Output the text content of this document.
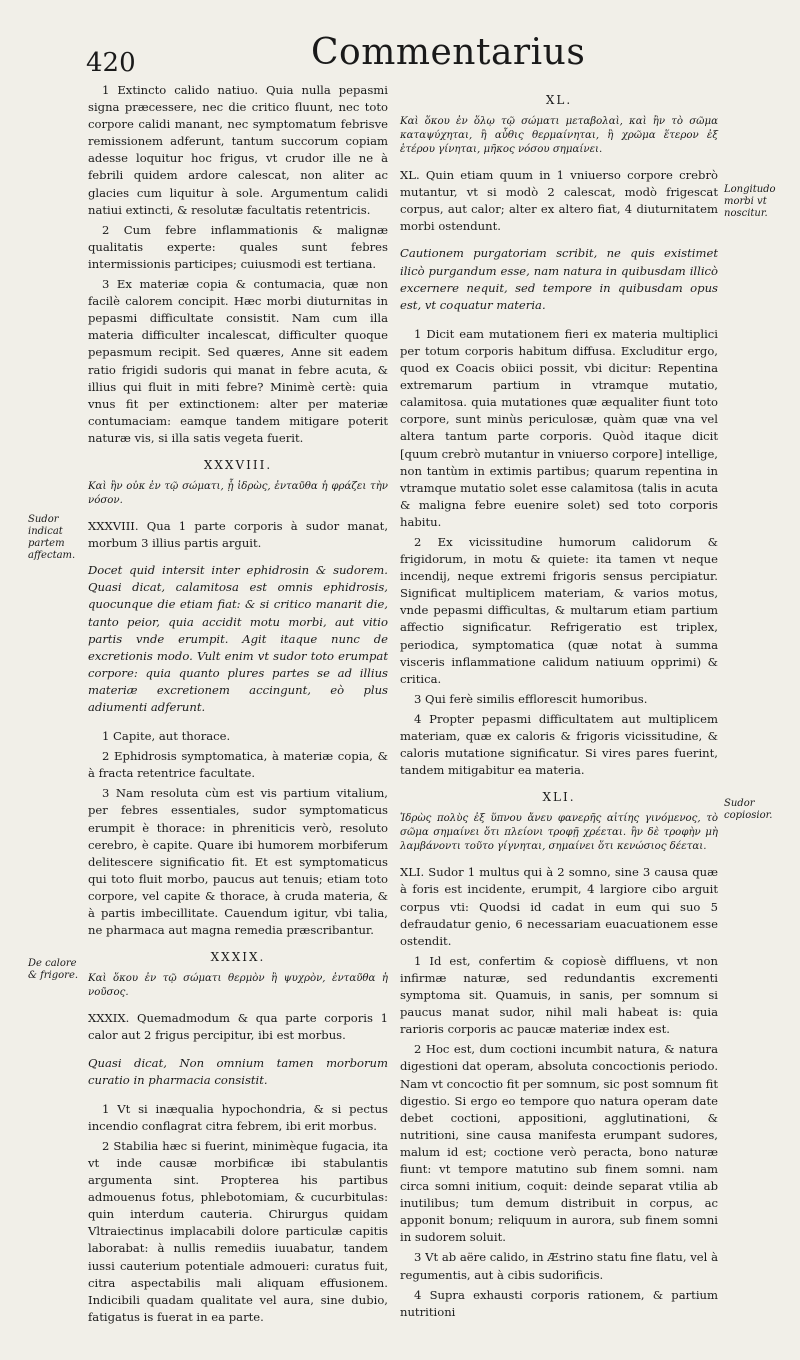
420	Commentarius

1 Extincto calido natiuo. Quia nulla pepasmi signa præcessere, nec die critico fluunt, nec toto corpore calidi manant, nec symptomatum febrisve remissionem adferunt, tantum succorum copiam adesse loquitur hoc frigus, vt crudor ille ne à febrili quidem ardore calescat, non aliter ac glacies cum liquitur à sole. Argumentum calidi natiui extincti, & resolutæ facultatis retentricis.

2 Cum febre inflammationis & malignæ qualitatis experte: quales sunt febres intermissionis participes; cuiusmodi est tertiana.

3 Ex materiæ copia & contumacia, quæ non facilè calorem concipit. Hæc morbi diuturnitas in pepasmi difficultate consistit. Nam cum illa materia difficulter incalescat, difficulter quoque pepasmum recipit. Sed quæres, Anne sit eadem ratio frigidi sudoris qui manat in febre acuta, & illius qui fluit in miti febre? Minimè certè: quia vnus fit per extinctionem: alter per materiæ contumaciam: eamque tandem mitigare poterit naturæ vis, si illa satis vegeta fuerit.

XXXVIII.

Καὶ ἢν οὐκ ἐν τῷ σώματι, ᾗ ἱδρὼς, ἐνταῦθα ἡ φράζει τὴν νόσον.

XXXVIII. Qua 1 parte corporis à sudor manat, morbum 3 illius partis arguit.

Docet quid intersit inter ephidrosin & sudorem. Quasi dicat, calamitosa est omnis ephidrosis, quocunque die etiam fiat: & si critico manarit die, tanto peior, quia accidit motu morbi, aut vitio partis vnde erumpit. Agit itaque nunc de excretionis modo. Vult enim vt sudor toto erumpat corpore: quia quanto plures partes se ad illius materiæ excretionem accingunt, eò plus adiumenti adferunt.

1 Capite, aut thorace.

2 Ephidrosis symptomatica, à materiæ copia, & à fracta retentrice facultate.

3 Nam resoluta cùm est vis partium vitalium, per febres essentiales, sudor symptomaticus erumpit è thorace: in phreniticis verò, resoluto cerebro, è capite. Quare ibi humorem morbiferum delitescere significatio fit. Et est symptomaticus qui toto fluit morbo, paucus aut tenuis; etiam toto corpore, vel capite & thorace, à cruda materia, & à partis imbecillitate. Cauendum igitur, vbi talia, ne pharmaca aut magna remedia præscribantur.

XXXIX.

Καὶ ὅκου ἐν τῷ σώματι θερμὸν ἢ ψυχρὸν, ἐνταῦθα ἡ νοῦσος.

XXXIX. Quemadmodum & qua parte corporis 1 calor aut 2 frigus percipitur, ibi est morbus.

Quasi dicat, Non omnium tamen morborum curatio in pharmacia consistit.

1 Vt si inæqualia hypochondria, & si pectus incendio conflagrat citra febrem, ibi erit morbus.

2 Stabilia hæc si fuerint, minimèque fugacia, ita vt inde causæ morbificæ ibi stabulantis argumenta sint. Propterea his partibus admouenus fotus, phlebotomiam, & cucurbitulas: quin interdum cauteria. Chirurgus quidam Vltraiectinus implacabili dolore particulæ capitis laborabat: à nullis remediis iuuabatur, tandem iussi cauterium potentiale admoueri: curatus fuit, citra aspectabilis mali aliquam effusionem. Indicibili quadam qualitate vel aura, sine dubio, fatigatus is fuerat in ea parte.

XL.

Καὶ ὅκου ἐν ὅλῳ τῷ σώματι μεταβολαὶ, καὶ ἢν τὸ σῶμα καταψύχηται, ἢ αὖθις θερμαίνηται, ἢ χρῶμα ἕτερον ἐξ ἑτέρου γίνηται, μῆκος νόσου σημαίνει.

XL. Quin etiam quum in 1 vniuerso corpore crebrò mutantur, vt si modò 2 calescat, modò frigescat corpus, aut calor; alter ex altero fiat, 4 diuturnitatem morbi ostendunt.

Cautionem purgatoriam scribit, ne quis existimet ilicò purgandum esse, nam natura in quibusdam illicò excernere nequit, sed tempore in quibusdam opus est, vt coquatur materia.

1 Dicit eam mutationem fieri ex materia multiplici per totum corporis habitum diffusa. Excluditur ergo, quod ex Coacis obiici possit, vbi dicitur: Repentina extremarum partium in vtramque mutatio, calamitosa. quia mutationes quæ æqualiter fiunt toto corpore, sunt minùs periculosæ, quàm quæ vna vel altera tantum parte corporis. Quòd itaque dicit [quum crebrò mutantur in vniuerso corpore] intellige, non tantùm in extimis partibus; quarum repentina in vtramque mutatio solet esse calamitosa (talis in acuta & maligna febre euenire solet) sed toto corporis habitu.

2 Ex vicissitudine humorum calidorum & frigidorum, in motu & quiete: ita tamen vt neque incendij, neque extremi frigoris sensus percipiatur. Significat multiplicem materiam, & varios motus, vnde pepasmi difficultas, & multarum etiam partium affectio significatur. Refrigeratio est triplex, periodica, symptomatica (quæ notat à summa visceris inflammatione calidum natiuum opprimi) & critica.

3 Qui ferè similis efflorescit humoribus.

4 Propter pepasmi difficultatem aut multiplicem materiam, quæ ex caloris & frigoris vicissitudine, & caloris mutatione significatur. Si vires pares fuerint, tandem mitigabitur ea materia.

XLI.

Ἱδρὼς πολὺς ἐξ ὕπνου ἄνευ φανερῆς αἰτίης γινόμενος, τὸ σῶμα σημαίνει ὅτι πλείονι τροφῇ χρέεται. ἢν δὲ τροφὴν μὴ λαμβάνοντι τοῦτο γίγνηται, σημαίνει ὅτι κενώσιος δέεται.

XLI. Sudor 1 multus qui à 2 somno, sine 3 causa quæ à foris est incidente, erumpit, 4 largiore cibo arguit corpus vti: Quodsi id cadat in eum qui suo 5 defraudatur genio, 6 necessariam euacuationem esse ostendit.

1 Id est, confertim & copiosè diffluens, vt non infirmæ naturæ, sed redundantis excrementi symptoma sit. Quamuis, in sanis, per somnum si paucus manat sudor, nihil mali habeat is: quia rarioris corporis ac paucæ materiæ index est.

2 Hoc est, dum coctioni incumbit natura, & natura digestioni dat operam, absoluta concoctionis periodo. Nam vt concoctio fit per somnum, sic post somnum fit digestio. Si ergo eo tempore quo natura operam date debet coctioni, appositioni, agglutinationi, & nutritioni, sine causa manifesta erumpant sudores, malum id est; coctione verò peracta, bono naturæ fiunt: vt tempore matutino sub finem somni. nam circa somni initium, coquit: deinde separat vtilia ab inutilibus; tum demum distribuit in corpus, ac apponit bonum; reliquum in aurora, sub finem somni in sudorem soluit.

3 Vt ab aëre calido, in Æstrino statu fine flatu, vel à regumentis, aut à cibis sudorificis.

4 Supra exhausti corporis rationem, & partium nutritioni

Sudor indicat partem affectam.
De calore & frigore.
Longitudo morbi vt noscitur.
Sudor copiosior.
